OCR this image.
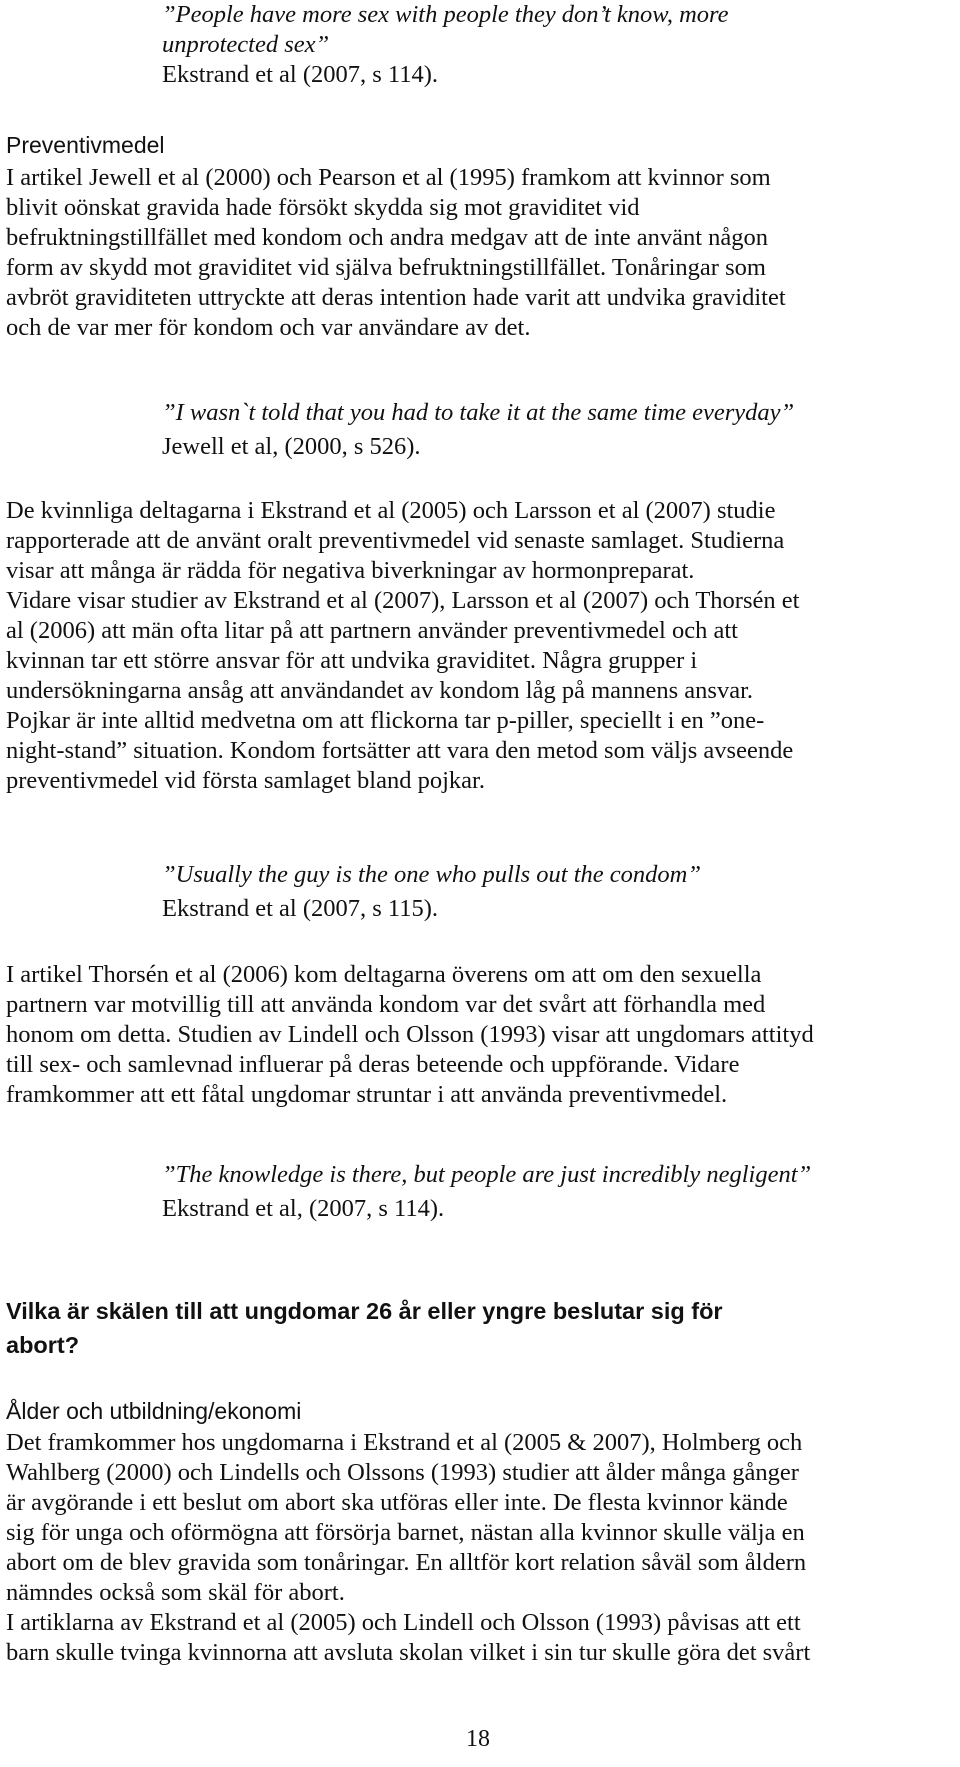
”People have more sex with people they don’t know, more
unprotected sex”
Ekstrand et al (2007, s 114).
Preventivmedel
I artikel Jewell et al (2000) och Pearson et al (1995) framkom att kvinnor som
blivit oönskat gravida hade försökt skydda sig mot graviditet vid
befruktningstillfället med kondom och andra medgav att de inte använt någon
form av skydd mot graviditet vid själva befruktningstillfället. Tonåringar som
avbröt graviditeten uttryckte att deras intention hade varit att undvika graviditet
och de var mer för kondom och var användare av det.
”I wasn`t told that you had to take it at the same time everyday”
Jewell et al, (2000, s 526).
De kvinnliga deltagarna i Ekstrand et al (2005) och Larsson et al (2007) studie
rapporterade att de använt oralt preventivmedel vid senaste samlaget. Studierna
visar att många är rädda för negativa biverkningar av hormonpreparat.
Vidare visar studier av Ekstrand et al (2007), Larsson et al (2007) och Thorsén et
al (2006) att män ofta litar på att partnern använder preventivmedel och att
kvinnan tar ett större ansvar för att undvika graviditet. Några grupper i
undersökningarna ansåg att användandet av kondom låg på mannens ansvar.
Pojkar är inte alltid medvetna om att flickorna tar p-piller, speciellt i en ”one-
night-stand” situation. Kondom fortsätter att vara den metod som väljs avseende
preventivmedel vid första samlaget bland pojkar.
”Usually the guy is the one who pulls out the condom”
Ekstrand et al (2007, s 115).
I artikel Thorsén et al (2006) kom deltagarna överens om att om den sexuella
partnern var motvillig till att använda kondom var det svårt att förhandla med
honom om detta. Studien av Lindell och Olsson (1993) visar att ungdomars attityd
till sex- och samlevnad influerar på deras beteende och uppförande. Vidare
framkommer att ett fåtal ungdomar struntar i att använda preventivmedel.
”The knowledge is there, but people are just incredibly negligent”
Ekstrand et al, (2007, s 114).
Vilka är skälen till att ungdomar 26 år eller yngre beslutar sig för
abort?
Ålder och utbildning/ekonomi
Det framkommer hos ungdomarna i Ekstrand et al (2005 & 2007), Holmberg och
Wahlberg (2000) och Lindells och Olssons (1993) studier att ålder många gånger
är avgörande i ett beslut om abort ska utföras eller inte. De flesta kvinnor kände
sig för unga och oförmögna att försörja barnet, nästan alla kvinnor skulle välja en
abort om de blev gravida som tonåringar. En alltför kort relation såväl som åldern
nämndes också som skäl för abort.
I artiklarna av Ekstrand et al (2005) och Lindell och Olsson (1993) påvisas att ett
barn skulle tvinga kvinnorna att avsluta skolan vilket i sin tur skulle göra det svårt
18
